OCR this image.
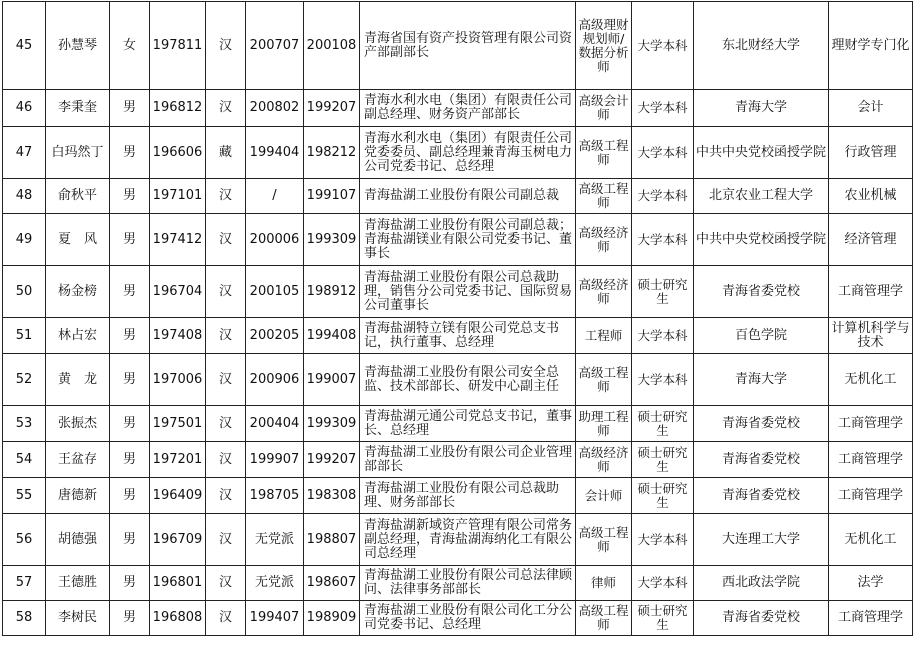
45	孙慧琴	女	197811	汉	200707	200108	青海省国有资产投资管理有限公司资产部副部长	高级理财规划师/数据分析师	大学本科	东北财经大学	理财学专门化
46	李秉奎	男	196812	汉	200802	199207	青海水利水电（集团）有限责任公司副总经理、财务资产部部长	高级会计师	大学本科	青海大学	会计
47	白玛然丁	男	196606	藏	199404	198212	青海水利水电（集团）有限责任公司党委委员、副总经理兼青海玉树电力公司党委书记、总经理	高级工程师	大学本科	中共中央党校函授学院	行政管理
48	俞秋平	男	197101	汉	/	199107	青海盐湖工业股份有限公司副总裁	高级工程师	大学本科	北京农业工程大学	农业机械
49	夏　风	男	197412	汉	200006	199309	青海盐湖工业股份有限公司副总裁；青海盐湖镁业有限公司党委书记、董事长	高级经济师	大学本科	中共中央党校函授学院	经济管理
50	杨金榜	男	196704	汉	200105	198912	青海盐湖工业股份有限公司总裁助理，销售分公司党委书记、国际贸易公司董事长	高级经济师	硕士研究生	青海省委党校	工商管理学
51	林占宏	男	197408	汉	200205	199408	青海盐湖特立镁有限公司党总支书记，执行董事、总经理	工程师	大学本科	百色学院	计算机科学与技术
52	黄　龙	男	197006	汉	200906	199007	青海盐湖工业股份有限公司安全总监、技术部部长、研发中心副主任	高级工程师	大学本科	青海大学	无机化工
53	张振杰	男	197501	汉	200404	199309	青海盐湖元通公司党总支书记，董事长、总经理	助理工程师	硕士研究生	青海省委党校	工商管理学
54	王盆存	男	197201	汉	199907	199207	青海盐湖工业股份有限公司企业管理部部长	高级经济师	硕士研究生	青海省委党校	工商管理学
55	唐德新	男	196409	汉	198705	198308	青海盐湖工业股份有限公司总裁助理、财务部部长	会计师	硕士研究生	青海省委党校	工商管理学
56	胡德强	男	196709	汉	无党派	198807	青海盐湖新域资产管理有限公司常务副总经理，青海盐湖海纳化工有限公司总经理	高级工程师	大学本科	大连理工大学	无机化工
57	王德胜	男	196801	汉	无党派	198607	青海盐湖工业股份有限公司总法律顾问、法律事务部部长	律师	大学本科	西北政法学院	法学
58	李树民	男	196808	汉	199407	198909	青海盐湖工业股份有限公司化工分公司党委书记、总经理	高级工程师	硕士研究生	青海省委党校	工商管理学
